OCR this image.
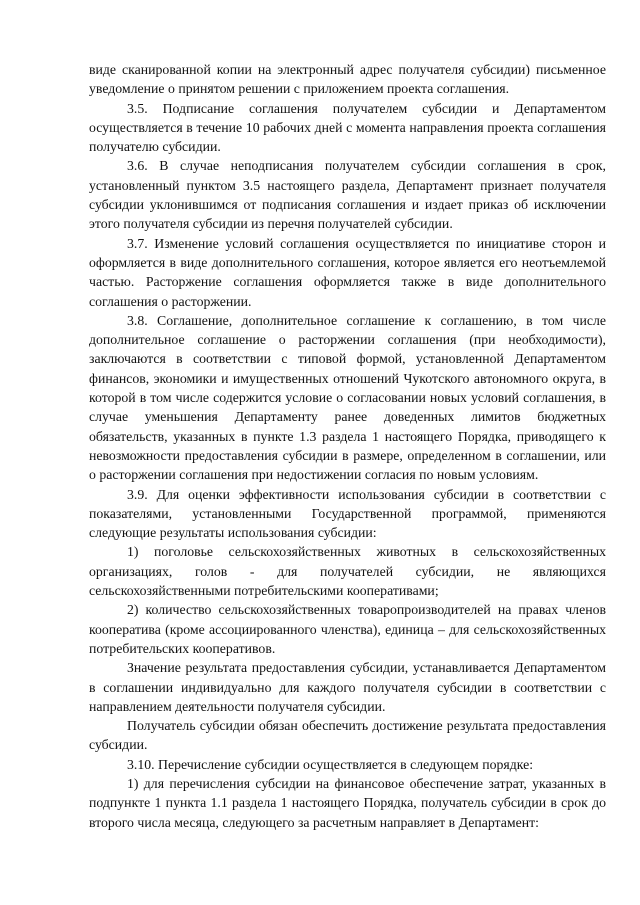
виде сканированной копии на электронный адрес получателя субсидии) письменное уведомление о принятом решении с приложением проекта соглашения.

3.5. Подписание соглашения получателем субсидии и Департаментом осуществляется в течение 10 рабочих дней с момента направления проекта соглашения получателю субсидии.

3.6. В случае неподписания получателем субсидии соглашения в срок, установленный пунктом 3.5 настоящего раздела, Департамент признает получателя субсидии уклонившимся от подписания соглашения и издает приказ об исключении этого получателя субсидии из перечня получателей субсидии.

3.7. Изменение условий соглашения осуществляется по инициативе сторон и оформляется в виде дополнительного соглашения, которое является его неотъемлемой частью. Расторжение соглашения оформляется также в виде дополнительного соглашения о расторжении.

3.8. Соглашение, дополнительное соглашение к соглашению, в том числе дополнительное соглашение о расторжении соглашения (при необходимости), заключаются в соответствии с типовой формой, установленной Департаментом финансов, экономики и имущественных отношений Чукотского автономного округа, в которой в том числе содержится условие о согласовании новых условий соглашения, в случае уменьшения Департаменту ранее доведенных лимитов бюджетных обязательств, указанных в пункте 1.3 раздела 1 настоящего Порядка, приводящего к невозможности предоставления субсидии в размере, определенном в соглашении, или о расторжении соглашения при недостижении согласия по новым условиям.

3.9. Для оценки эффективности использования субсидии в соответствии с показателями, установленными Государственной программой, применяются следующие результаты использования субсидии:

1) поголовье сельскохозяйственных животных в сельскохозяйственных организациях, голов - для получателей субсидии, не являющихся сельскохозяйственными потребительскими кооперативами;

2) количество сельскохозяйственных товаропроизводителей на правах членов кооператива (кроме ассоциированного членства), единица – для сельскохозяйственных потребительских кооперативов.

Значение результата предоставления субсидии, устанавливается Департаментом в соглашении индивидуально для каждого получателя субсидии в соответствии с направлением деятельности получателя субсидии.

Получатель субсидии обязан обеспечить достижение результата предоставления субсидии.

3.10. Перечисление субсидии осуществляется в следующем порядке:

1) для перечисления субсидии на финансовое обеспечение затрат, указанных в подпункте 1 пункта 1.1 раздела 1 настоящего Порядка, получатель субсидии в срок до второго числа месяца, следующего за расчетным направляет в Департамент:
